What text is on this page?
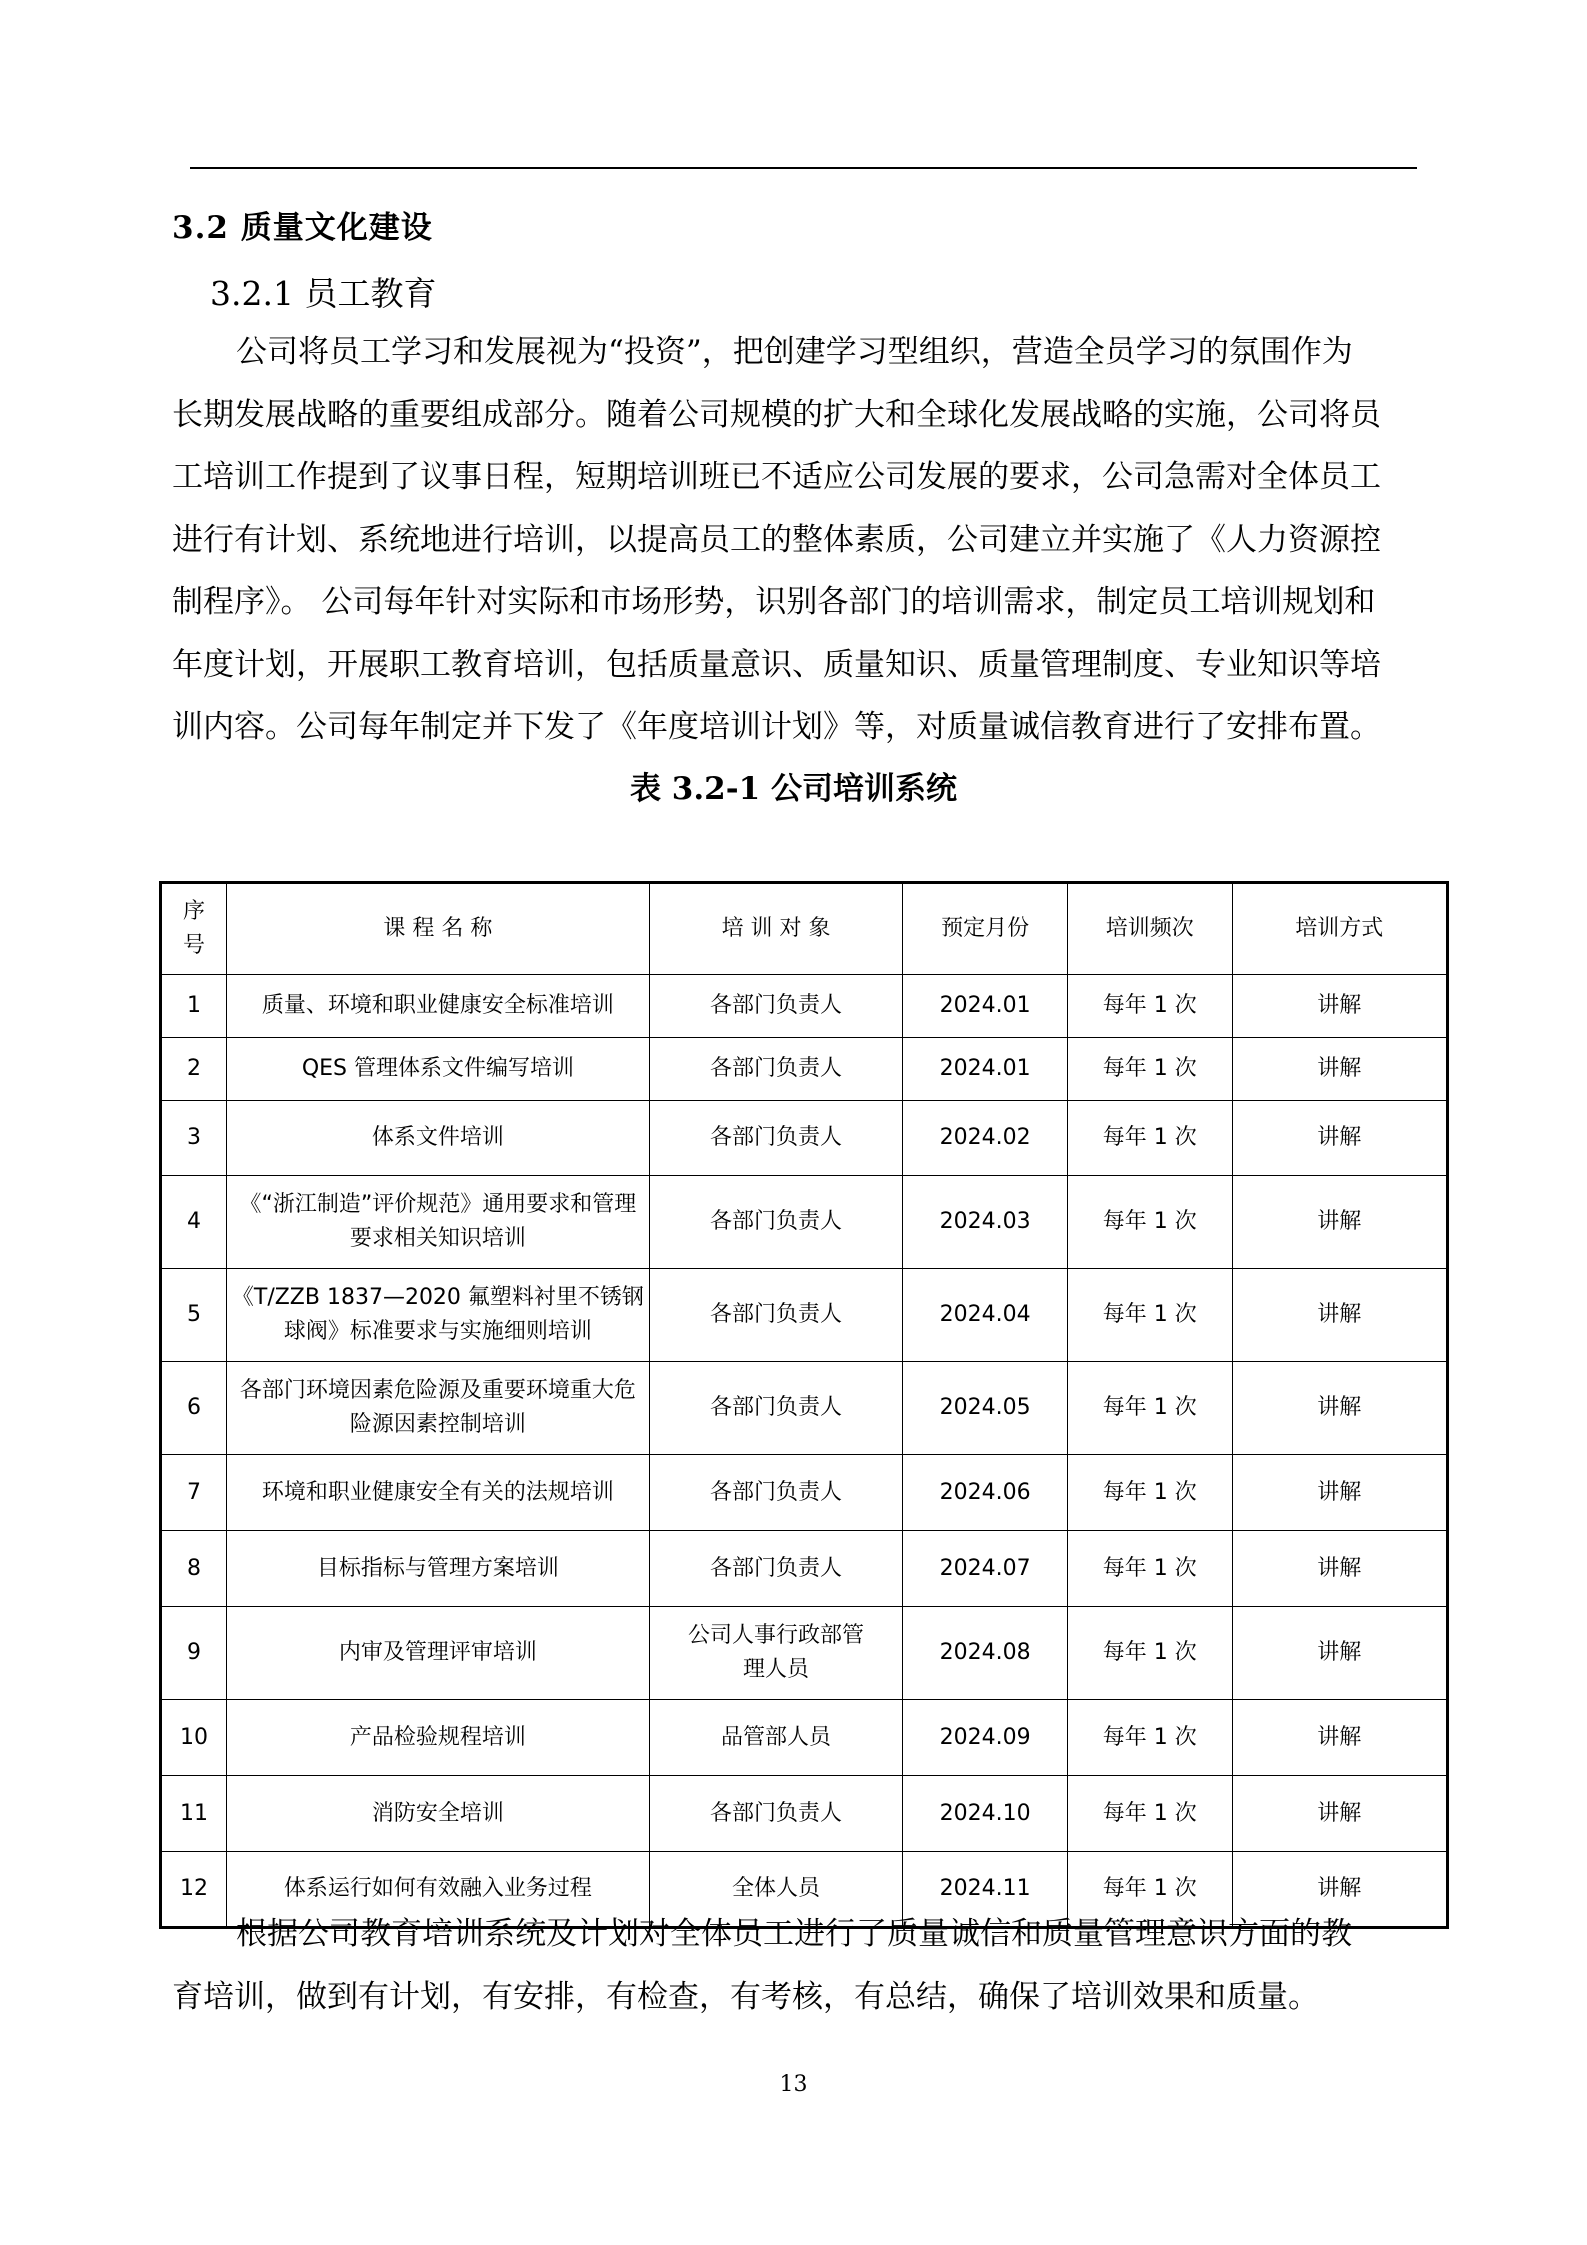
3.2 质量文化建设
3.2.1 员工教育
公司将员工学习和发展视为“投资”，把创建学习型组织，营造全员学习的氛围作为
长期发展战略的重要组成部分。随着公司规模的扩大和全球化发展战略的实施，公司将员
工培训工作提到了议事日程，短期培训班已不适应公司发展的要求，公司急需对全体员工
进行有计划、系统地进行培训，以提高员工的整体素质，公司建立并实施了《人力资源控
制程序》。 公司每年针对实际和市场形势，识别各部门的培训需求，制定员工培训规划和
年度计划，开展职工教育培训，包括质量意识、质量知识、质量管理制度、专业知识等培
训内容。公司每年制定并下发了《年度培训计划》等，对质量诚信教育进行了安排布置。
表 3.2-1 公司培训系统
序号	课 程 名 称	培 训 对 象	预定月份	培训频次	培训方式
1	质量、环境和职业健康安全标准培训	各部门负责人	2024.01	每年 1 次	讲解
2	QES 管理体系文件编写培训	各部门负责人	2024.01	每年 1 次	讲解
3	体系文件培训	各部门负责人	2024.02	每年 1 次	讲解
4	《“浙江制造”评价规范》通用要求和管理要求相关知识培训	各部门负责人	2024.03	每年 1 次	讲解
5	《T/ZZB 1837—2020 氟塑料衬里不锈钢球阀》标准要求与实施细则培训	各部门负责人	2024.04	每年 1 次	讲解
6	各部门环境因素危险源及重要环境重大危险源因素控制培训	各部门负责人	2024.05	每年 1 次	讲解
7	环境和职业健康安全有关的法规培训	各部门负责人	2024.06	每年 1 次	讲解
8	目标指标与管理方案培训	各部门负责人	2024.07	每年 1 次	讲解
9	内审及管理评审培训	公司人事行政部管理人员	2024.08	每年 1 次	讲解
10	产品检验规程培训	品管部人员	2024.09	每年 1 次	讲解
11	消防安全培训	各部门负责人	2024.10	每年 1 次	讲解
12	体系运行如何有效融入业务过程	全体人员	2024.11	每年 1 次	讲解
根据公司教育培训系统及计划对全体员工进行了质量诚信和质量管理意识方面的教
育培训，做到有计划，有安排，有检查，有考核，有总结，确保了培训效果和质量。
13
